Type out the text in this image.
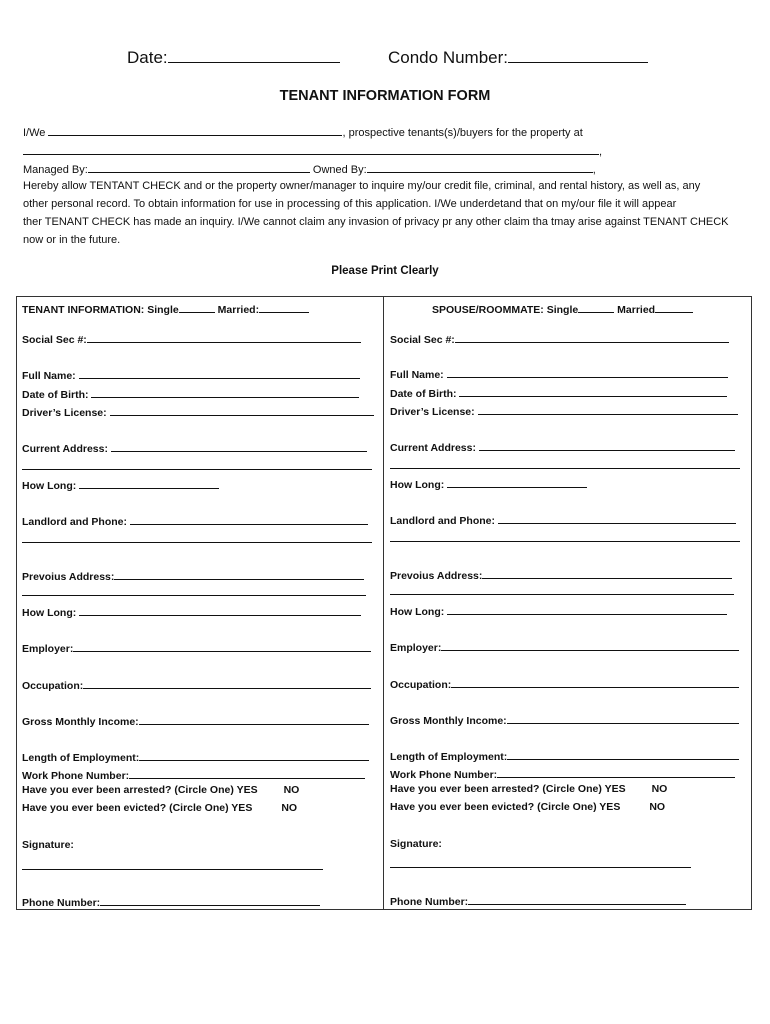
Date:	Condo Number:
TENANT INFORMATION FORM
I/We	, prospective tenants(s)/buyers for the property at
,
Managed By:	Owned By:	,
Hereby allow TENTANT CHECK and or the property owner/manager to inquire my/our credit file, criminal, and rental history, as well as, any
other personal record. To obtain information for use in processing of this application. I/We underdetand that on my/our file it will appear
ther TENANT CHECK has made an inquiry. I/We cannot claim any invasion of privacy pr any other claim tha tmay arise against TENANT CHECK
now or in the future.
Please Print Clearly
TENANT INFORMATION: Single	Married:
Social Sec #:
Full Name:
Date of Birth:
Driver’s License:
Current Address:
How Long:
Landlord and Phone:
Prevoius Address:
How Long:
Employer:
Occupation:
Gross Monthly Income:
Length of Employment:
Work Phone Number:
Have you ever been arrested? (Circle One) YES NO
Have you ever been evicted? (Circle One) YES	NO
Signature:
Phone Number:
SPOUSE/ROOMMATE: Single	Married
Social Sec #:
Full Name:
Date of Birth:
Driver’s License:
Current Address:
How Long:
Landlord and Phone:
Prevoius Address:
How Long:
Employer:
Occupation:
Gross Monthly Income:
Length of Employment:
Work Phone Number:
Have you ever been arrested? (Circle One) YES NO
Have you ever been evicted? (Circle One) YES	NO
Signature:
Phone Number:
